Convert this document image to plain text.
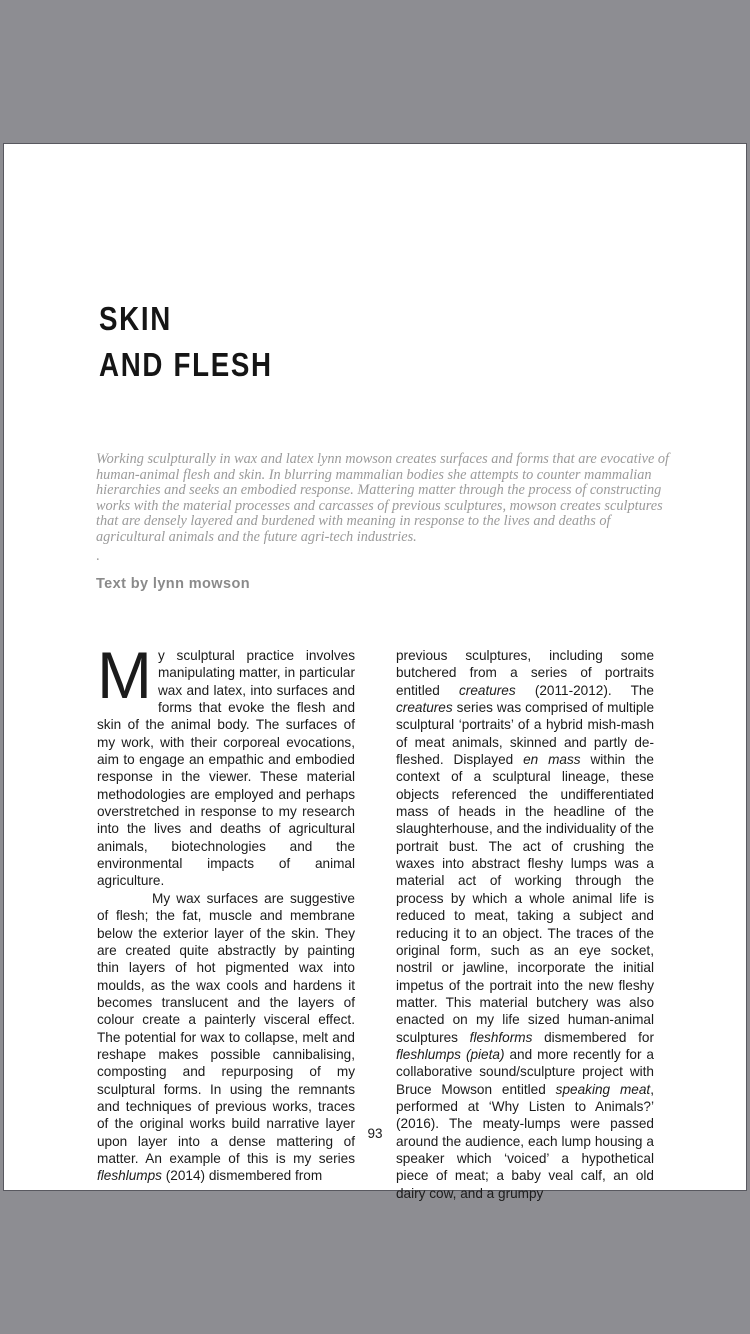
SKIN
AND FLESH
Working sculpturally in wax and latex lynn mowson creates surfaces and forms that are evocative of human-animal flesh and skin. In blurring mammalian bodies she attempts to counter mammalian hierarchies and seeks an embodied response. Mattering matter through the process of constructing works with the material processes and carcasses of previous sculptures, mowson creates sculptures that are densely layered and burdened with meaning in response to the lives and deaths of agricultural animals and the future agri-tech industries.
.
Text by lynn mowson

My sculptural practice involves manipulating matter, in particular wax and latex, into surfaces and forms that evoke the flesh and skin of the animal body. The surfaces of my work, with their corporeal evocations, aim to engage an empathic and embodied response in the viewer. These material methodologies are employed and perhaps overstretched in response to my research into the lives and deaths of agricultural animals, biotechnologies and the environmental impacts of animal agriculture.

My wax surfaces are suggestive of flesh; the fat, muscle and membrane below the exterior layer of the skin. They are created quite abstractly by painting thin layers of hot pigmented wax into moulds, as the wax cools and hardens it becomes translucent and the layers of colour create a painterly visceral effect. The potential for wax to collapse, melt and reshape makes possible cannibalising, composting and repurposing of my sculptural forms. In using the remnants and techniques of previous works, traces of the original works build narrative layer upon layer into a dense mattering of matter. An example of this is my series fleshlumps (2014) dismembered from

previous sculptures, including some butchered from a series of portraits entitled creatures (2011-2012). The creatures series was comprised of multiple sculptural ‘portraits’ of a hybrid mish-mash of meat animals, skinned and partly de-fleshed. Displayed en mass within the context of a sculptural lineage, these objects referenced the undifferentiated mass of heads in the headline of the slaughterhouse, and the individuality of the portrait bust. The act of crushing the waxes into abstract fleshy lumps was a material act of working through the process by which a whole animal life is reduced to meat, taking a subject and reducing it to an object. The traces of the original form, such as an eye socket, nostril or jawline, incorporate the initial impetus of the portrait into the new fleshy matter. This material butchery was also enacted on my life sized human-animal sculptures fleshforms dismembered for fleshlumps (pieta) and more recently for a collaborative sound/sculpture project with Bruce Mowson entitled speaking meat, performed at ‘Why Listen to Animals?’ (2016). The meaty-lumps were passed around the audience, each lump housing a speaker which ‘voiced’ a hypothetical piece of meat; a baby veal calf, an old dairy cow, and a grumpy

93
